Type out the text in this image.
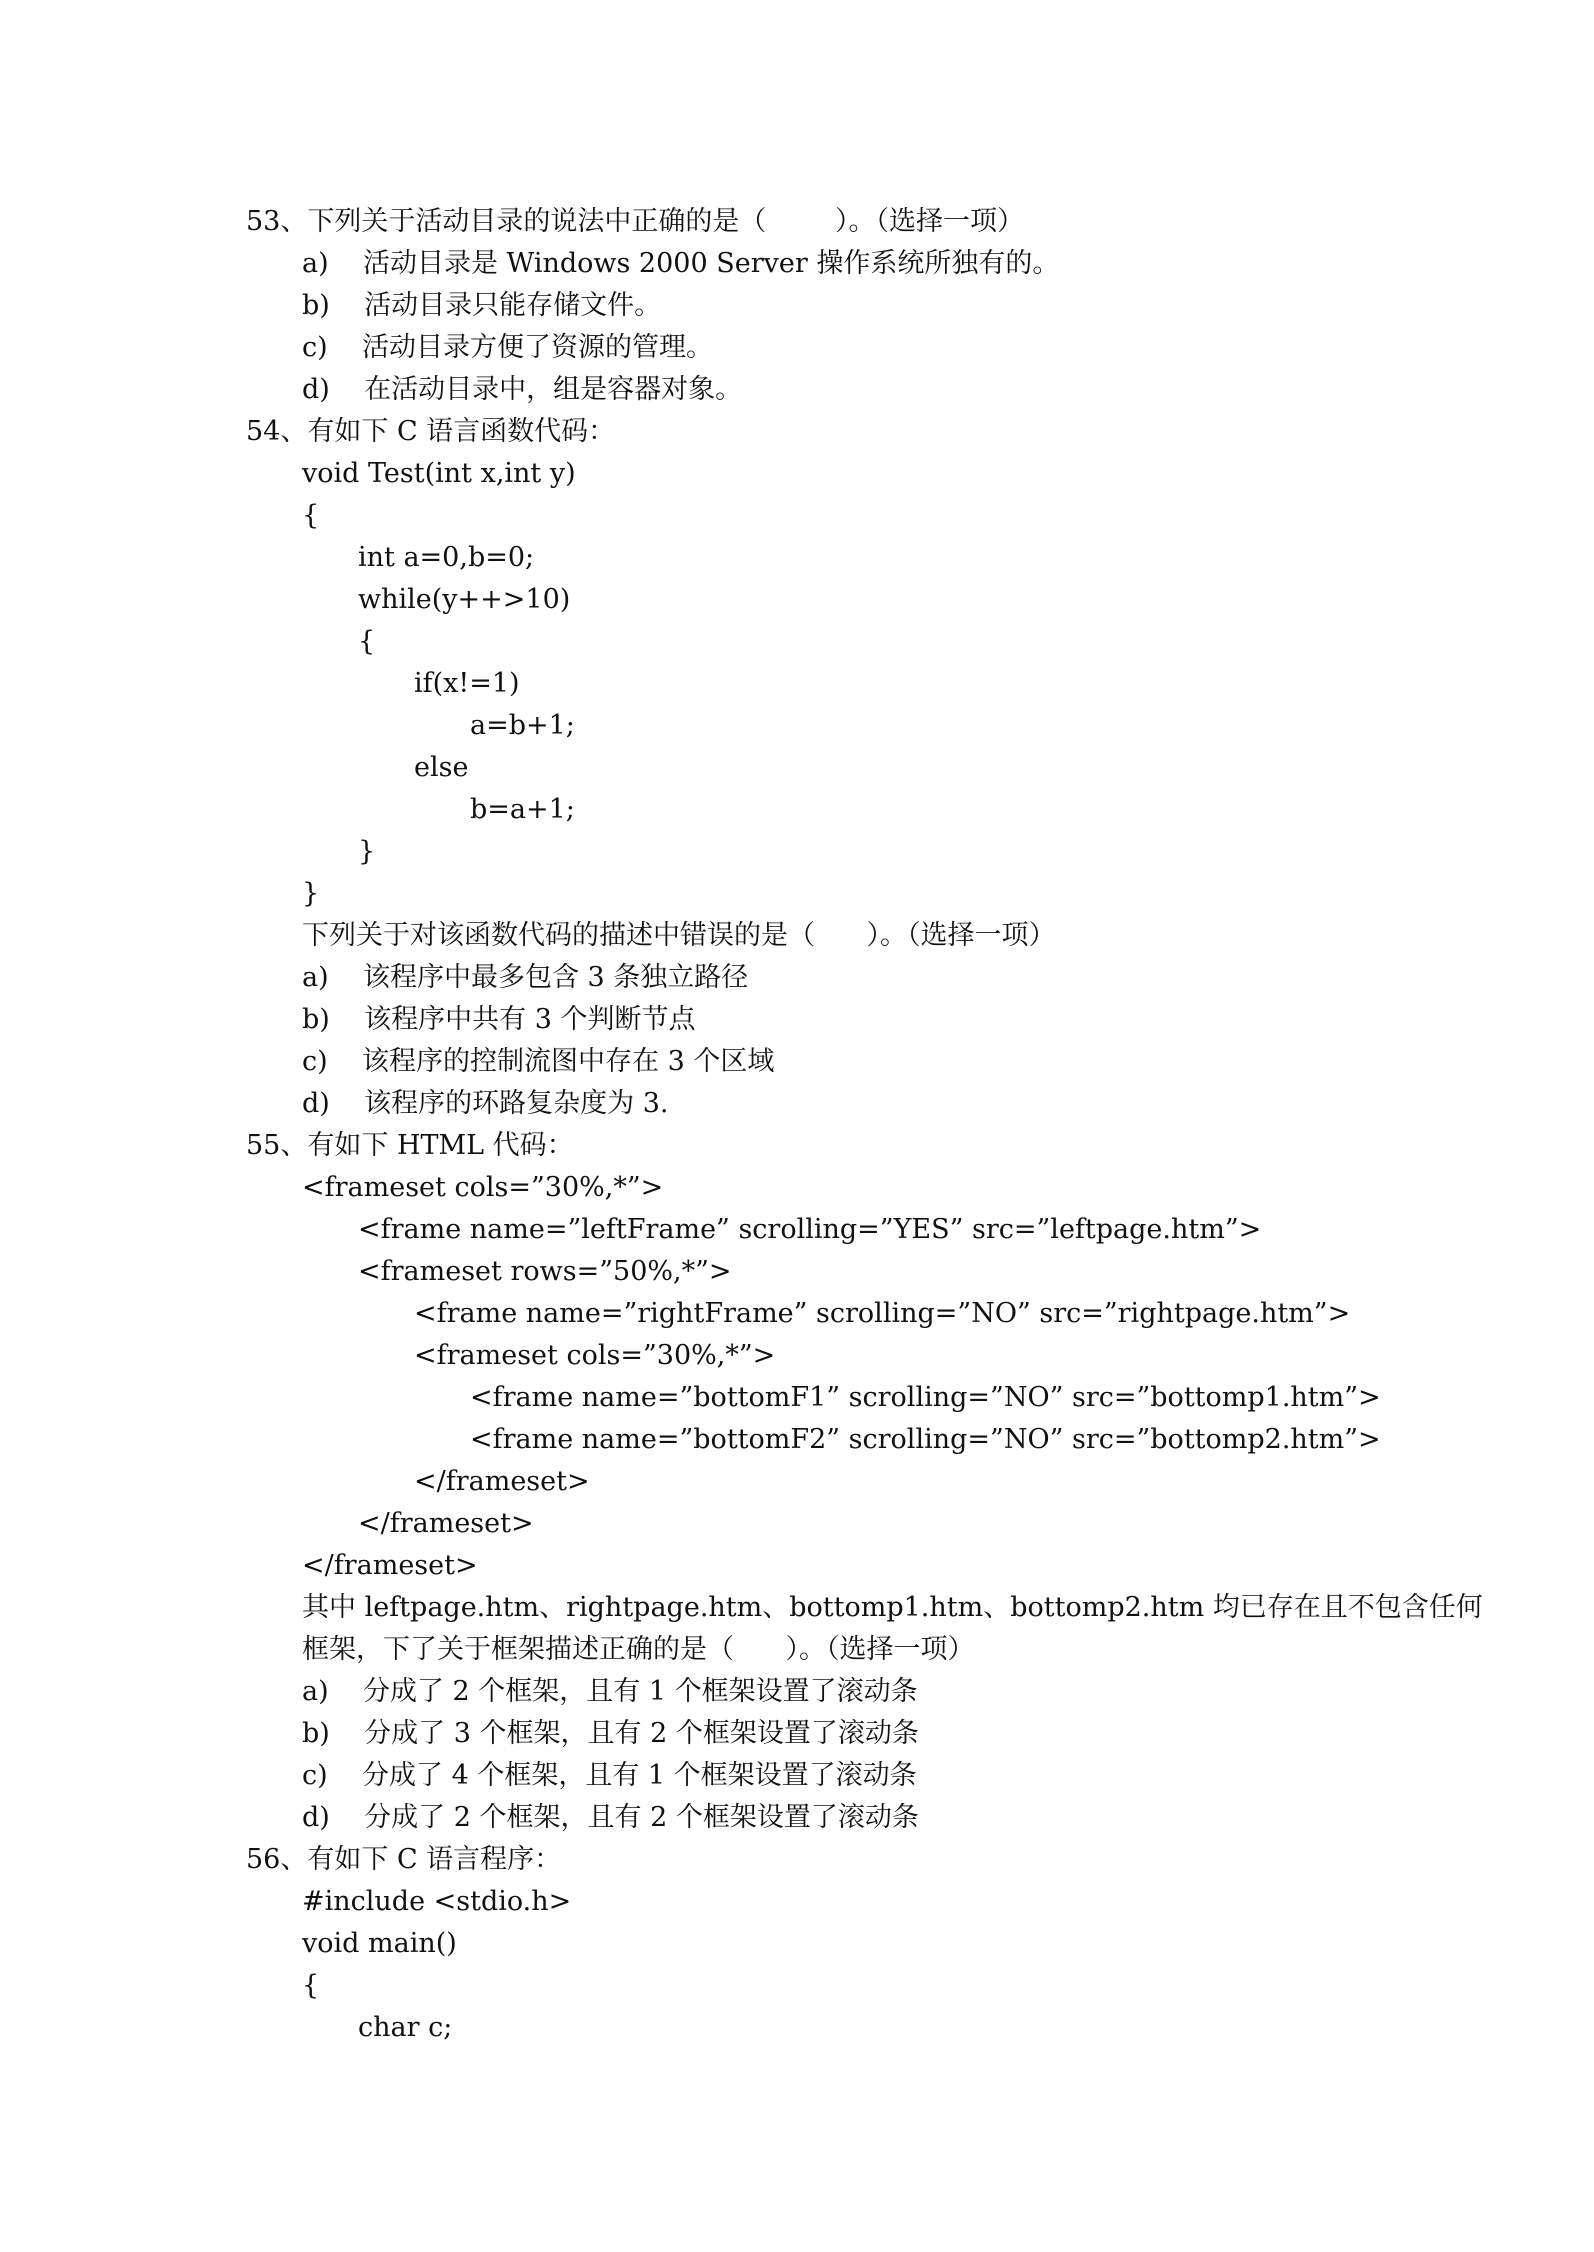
53、下列关于活动目录的说法中正确的是（        ）。（选择一项）
a)    活动目录是 Windows 2000 Server 操作系统所独有的。
b)    活动目录只能存储文件。
c)    活动目录方便了资源的管理。
d)    在活动目录中，组是容器对象。
54、有如下 C 语言函数代码：
void Test(int x,int y)
{
int a=0,b=0;
while(y++>10)
{
if(x!=1)
a=b+1;
else
b=a+1;
}
}
下列关于对该函数代码的描述中错误的是（      ）。（选择一项）
a)    该程序中最多包含 3 条独立路径
b)    该程序中共有 3 个判断节点
c)    该程序的控制流图中存在 3 个区域
d)    该程序的环路复杂度为 3.
55、有如下 HTML 代码：
<frameset cols=”30%,*”>
<frame name=”leftFrame” scrolling=”YES” src=”leftpage.htm”>
<frameset rows=”50%,*”>
<frame name=”rightFrame” scrolling=”NO” src=”rightpage.htm”>
<frameset cols=”30%,*”>
<frame name=”bottomF1” scrolling=”NO” src=”bottomp1.htm”>
<frame name=”bottomF2” scrolling=”NO” src=”bottomp2.htm”>
</frameset>
</frameset>
</frameset>
其中 leftpage.htm、rightpage.htm、bottomp1.htm、bottomp2.htm 均已存在且不包含任何
框架，下了关于框架描述正确的是（      ）。（选择一项）
a)    分成了 2 个框架，且有 1 个框架设置了滚动条
b)    分成了 3 个框架，且有 2 个框架设置了滚动条
c)    分成了 4 个框架，且有 1 个框架设置了滚动条
d)    分成了 2 个框架，且有 2 个框架设置了滚动条
56、有如下 C 语言程序：
#include <stdio.h>
void main()
{
char c;
